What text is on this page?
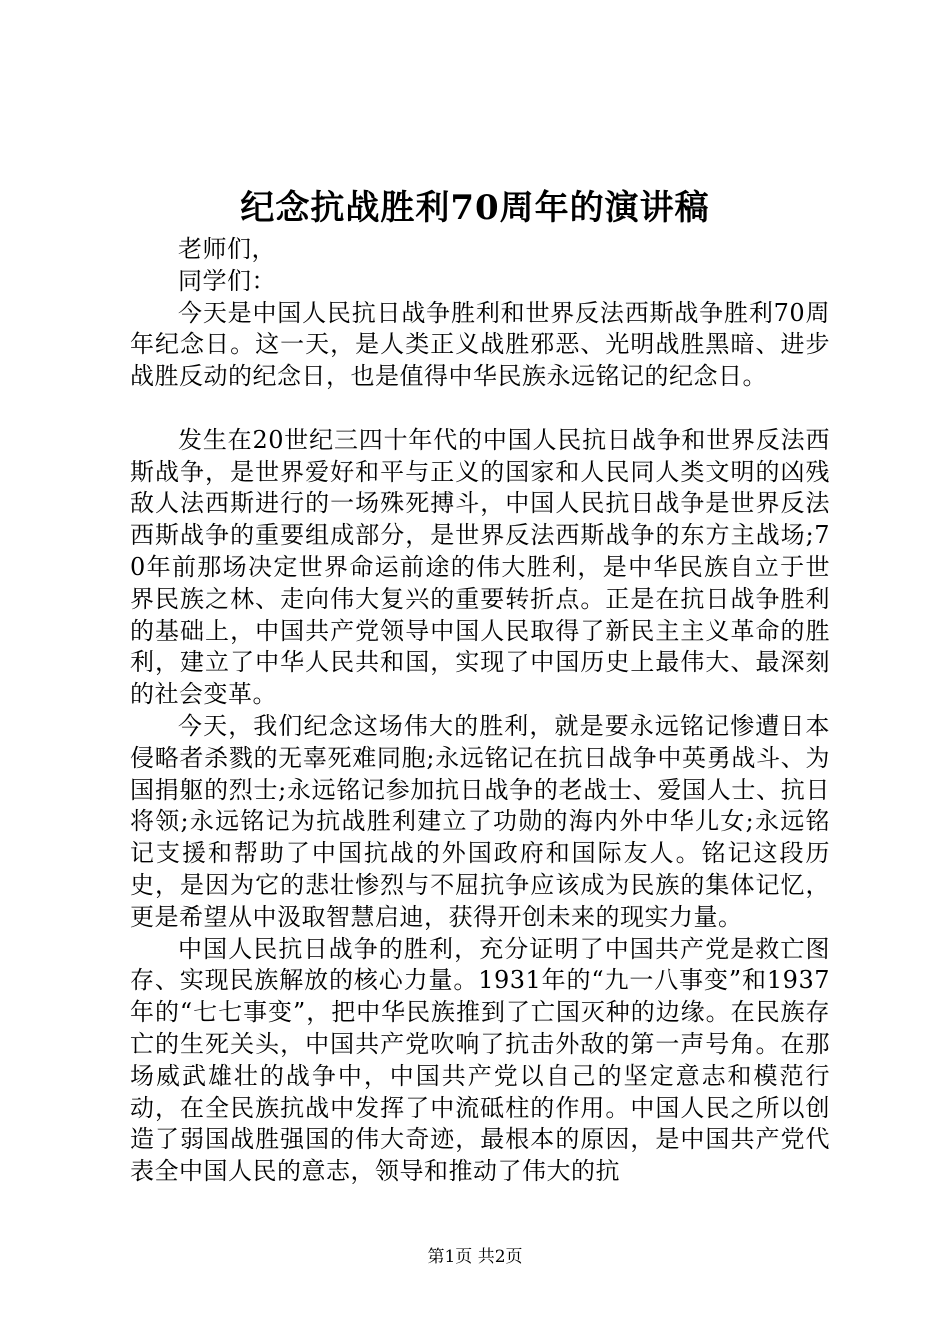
纪念抗战胜利70周年的演讲稿

老师们，

同学们：

今天是中国人民抗日战争胜利和世界反法西斯战争胜利70周年纪念日。这一天，是人类正义战胜邪恶、光明战胜黑暗、进步战胜反动的纪念日，也是值得中华民族永远铭记的纪念日。

发生在20世纪三四十年代的中国人民抗日战争和世界反法西斯战争，是世界爱好和平与正义的国家和人民同人类文明的凶残敌人法西斯进行的一场殊死搏斗，中国人民抗日战争是世界反法西斯战争的重要组成部分，是世界反法西斯战争的东方主战场;70年前那场决定世界命运前途的伟大胜利，是中华民族自立于世界民族之林、走向伟大复兴的重要转折点。正是在抗日战争胜利的基础上，中国共产党领导中国人民取得了新民主主义革命的胜利，建立了中华人民共和国，实现了中国历史上最伟大、最深刻的社会变革。

今天，我们纪念这场伟大的胜利，就是要永远铭记惨遭日本侵略者杀戮的无辜死难同胞;永远铭记在抗日战争中英勇战斗、为国捐躯的烈士;永远铭记参加抗日战争的老战士、爱国人士、抗日将领;永远铭记为抗战胜利建立了功勋的海内外中华儿女;永远铭记支援和帮助了中国抗战的外国政府和国际友人。铭记这段历史，是因为它的悲壮惨烈与不屈抗争应该成为民族的集体记忆，更是希望从中汲取智慧启迪，获得开创未来的现实力量。

中国人民抗日战争的胜利，充分证明了中国共产党是救亡图存、实现民族解放的核心力量。1931年的“九一八事变”和1937年的“七七事变”，把中华民族推到了亡国灭种的边缘。在民族存亡的生死关头，中国共产党吹响了抗击外敌的第一声号角。在那场威武雄壮的战争中，中国共产党以自己的坚定意志和模范行动，在全民族抗战中发挥了中流砥柱的作用。中国人民之所以创造了弱国战胜强国的伟大奇迹，最根本的原因，是中国共产党代表全中国人民的意志，领导和推动了伟大的抗

第1页 共2页
